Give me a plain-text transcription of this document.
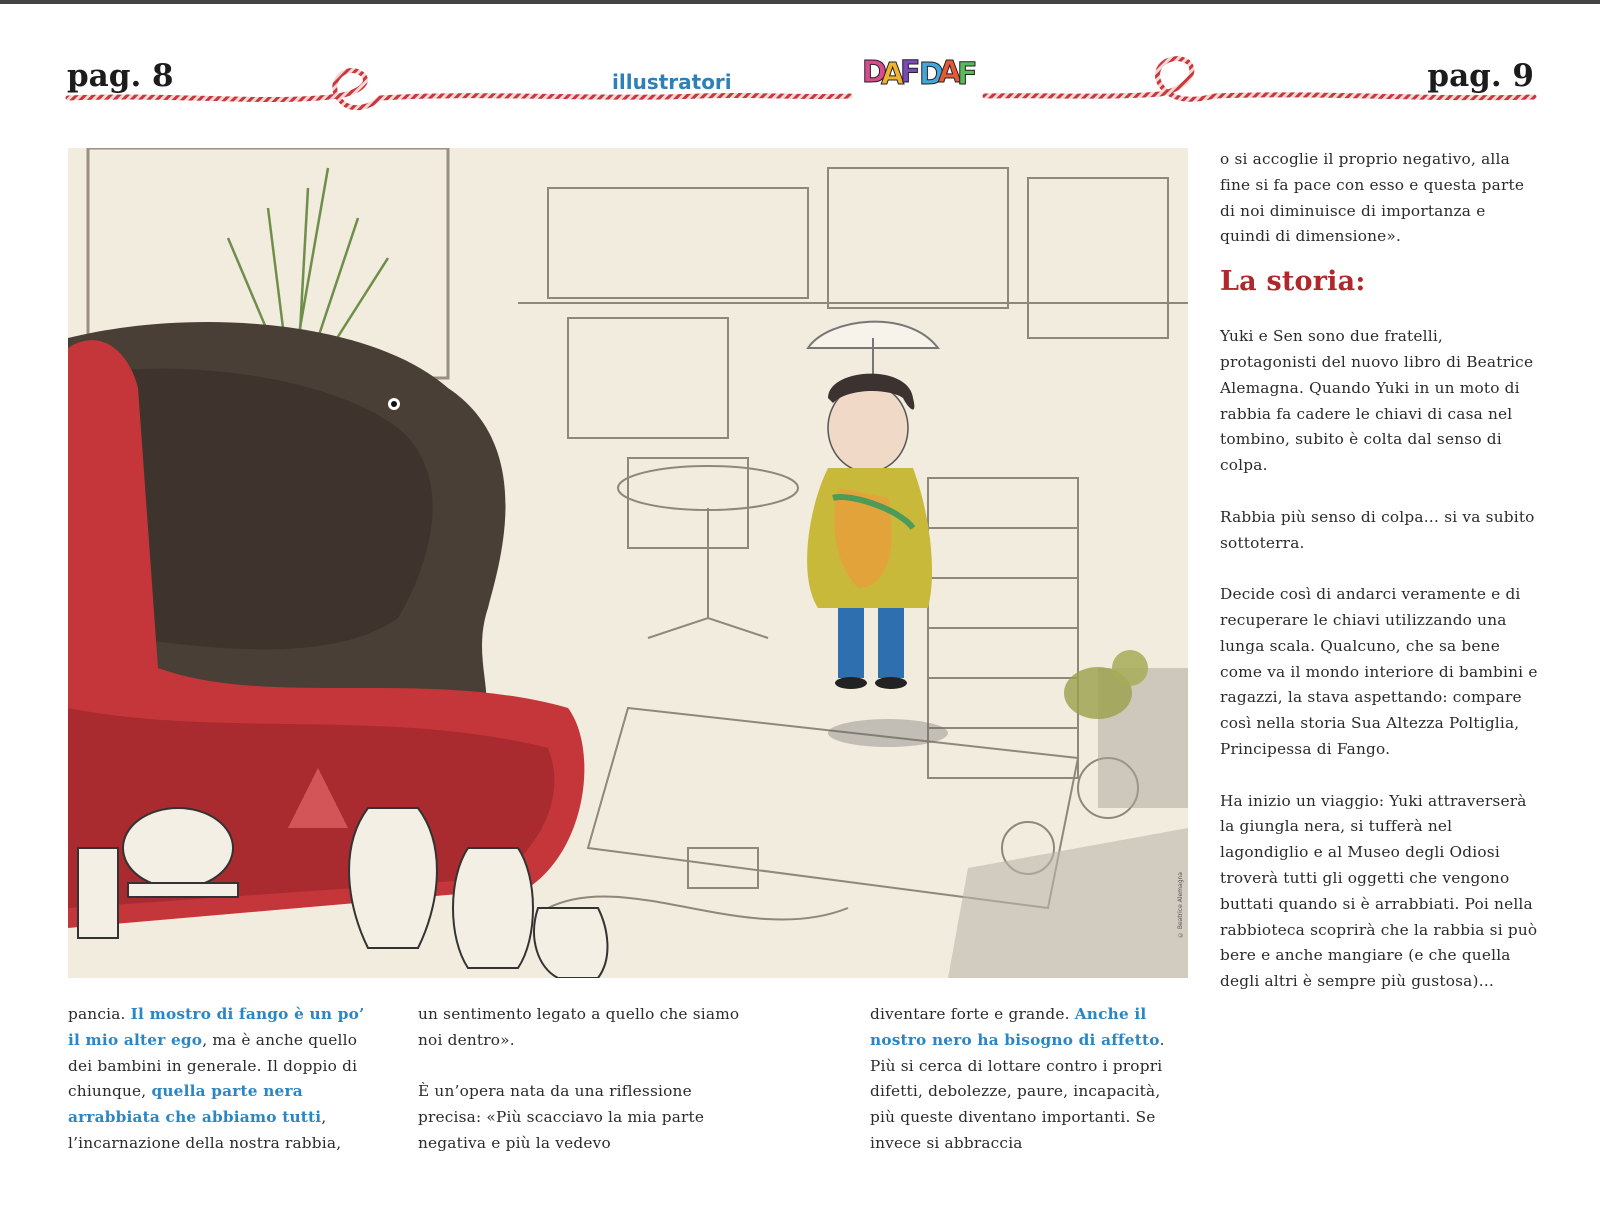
pag. 8	illustratori	D
A
F
D
A
F	pag. 9
© Beatrice Alemagna
pancia. Il mostro di fango è un po’ il mio alter ego, ma è anche quello dei bambini in generale. Il doppio di chiunque, quella parte nera arrabbiata che abbiamo tutti, l’incarnazione della nostra rabbia,

un sentimento legato a quello che siamo noi dentro».

È un’opera nata da una riflessione precisa: «Più scacciavo la mia parte negativa e più la vedevo

diventare forte e grande. Anche il nostro nero ha bisogno di affetto. Più si cerca di lottare contro i propri difetti, debolezze, paure, incapacità, più queste diventano importanti. Se invece si abbraccia

o si accoglie il proprio negativo, alla fine si fa pace con esso e questa parte di noi diminuisce di importanza e quindi di dimensione».

La storia:

Yuki e Sen sono due fratelli, protagonisti del nuovo libro di Beatrice Alemagna. Quando Yuki in un moto di rabbia fa cadere le chiavi di casa nel tombino, subito è colta dal senso di colpa.

Rabbia più senso di colpa… si va subito sottoterra.

Decide così di andarci veramente e di recuperare le chiavi utilizzando una lunga scala. Qualcuno, che sa bene come va il mondo interiore di bambini e ragazzi, la stava aspettando: compare così nella storia Sua Altezza Poltiglia, Principessa di Fango.

Ha inizio un viaggio: Yuki attraverserà la giungla nera, si tufferà nel lagondiglio e al Museo degli Odiosi troverà tutti gli oggetti che vengono buttati quando si è arrabbiati. Poi nella rabbioteca scoprirà che la rabbia si può bere e anche mangiare (e che quella degli altri è sempre più gustosa)…
